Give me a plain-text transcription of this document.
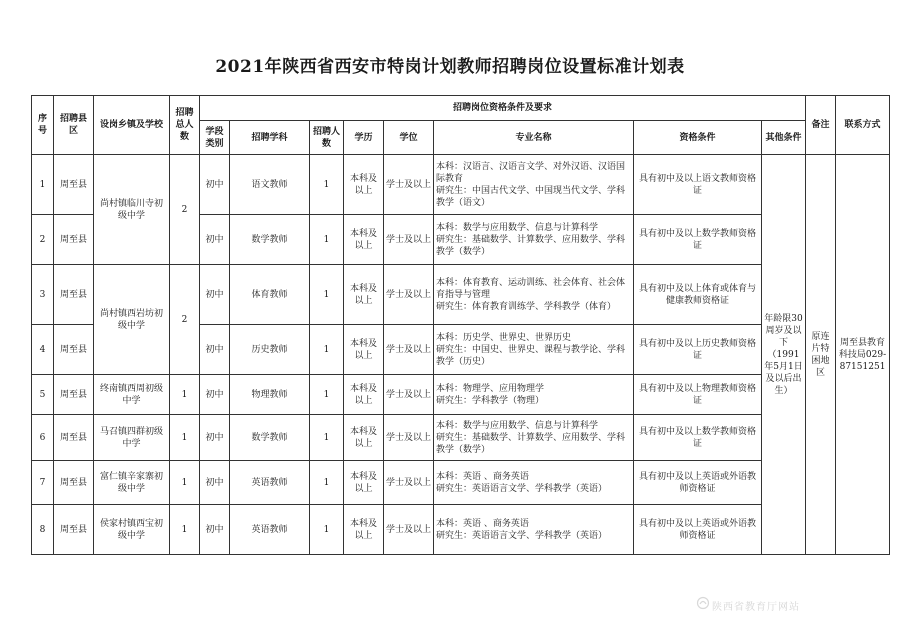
2021年陕西省西安市特岗计划教师招聘岗位设置标准计划表
序号	招聘县区	设岗乡镇及学校	招聘总人数	招聘岗位资格条件及要求								备注	联系方式
				学段类别	招聘学科	招聘人数	学历	学位	专业名称	资格条件	其他条件		
1	周至县	尚村镇临川寺初级中学	2	初中	语文教师	1	本科及以上	学士及以上	本科：汉语言、汉语言文学、对外汉语、汉语国际教育
研究生：中国古代文学、中国现当代文学、学科教学（语文）	具有初中及以上语文教师资格证	年龄限30周岁及以下（1991年5月1日及以后出生）	原连片特困地区	周至县教育科技局029-87151251
2	周至县			初中	数学教师	1	本科及以上	学士及以上	本科：数学与应用数学、信息与计算科学
研究生：基础数学、计算数学、应用数学、学科教学（数学）	具有初中及以上数学教师资格证			
3	周至县	尚村镇西岩坊初级中学	2	初中	体育教师	1	本科及以上	学士及以上	本科：体育教育、运动训练、社会体育、社会体育指导与管理
研究生：体育教育训练学、学科教学（体育）	具有初中及以上体育或体育与健康教师资格证			
4	周至县			初中	历史教师	1	本科及以上	学士及以上	本科：历史学、世界史、世界历史
研究生：中国史、世界史、课程与教学论、学科教学（历史）	具有初中及以上历史教师资格证			
5	周至县	终南镇西周初级中学	1	初中	物理教师	1	本科及以上	学士及以上	本科：物理学、应用物理学
研究生：学科教学（物理）	具有初中及以上物理教师资格证			
6	周至县	马召镇四群初级中学	1	初中	数学教师	1	本科及以上	学士及以上	本科：数学与应用数学、信息与计算科学
研究生：基础数学、计算数学、应用数学、学科教学（数学）	具有初中及以上数学教师资格证			
7	周至县	富仁镇辛家寨初级中学	1	初中	英语教师	1	本科及以上	学士及以上	本科：英语 、商务英语
研究生：英语语言文学、学科教学（英语）	具有初中及以上英语或外语教师资格证			
8	周至县	侯家村镇西宝初级中学	1	初中	英语教师	1	本科及以上	学士及以上	本科：英语 、商务英语
研究生：英语语言文学、学科教学（英语）	具有初中及以上英语或外语教师资格证			
陕西省教育厅网站
